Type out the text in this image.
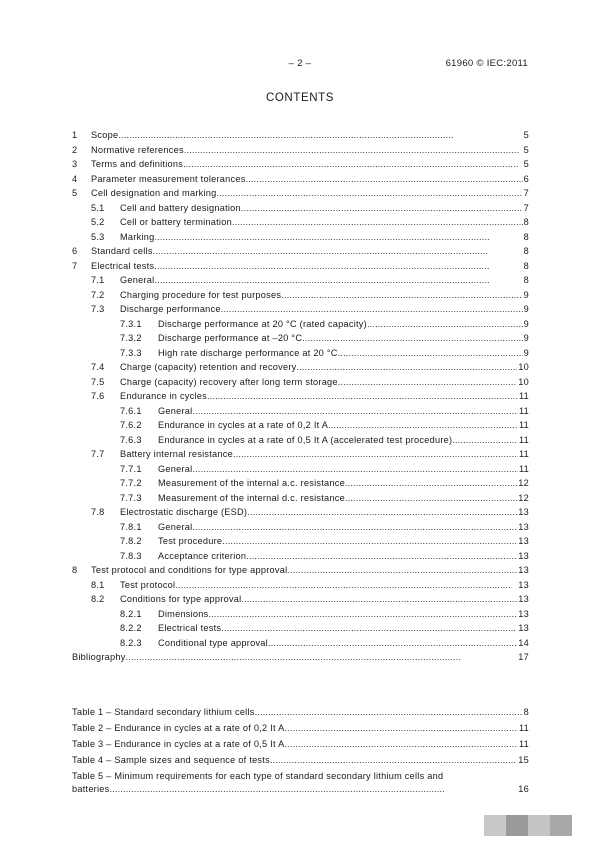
– 2 –	61960 © IEC:2011
CONTENTS
1	Scope . . .	5
2	Normative references . . .	5
3	Terms and definitions . . .	5
4	Parameter measurement tolerances . . .	6
5	Cell designation and marking . . .	7
5.1	Cell and battery designation . . .	7
5.2	Cell or battery termination . . .	8
5.3	Marking . . .	8
6	Standard cells . . .	8
7	Electrical tests . . .	8
7.1	General . . .	8
7.2	Charging procedure for test purposes . . .	9
7.3	Discharge performance . . .	9
7.3.1	Discharge performance at 20 °C (rated capacity) . . .	9
7.3.2	Discharge performance at –20 °C . . .	9
7.3.3	High rate discharge performance at 20 °C . . .	9
7.4	Charge (capacity) retention and recovery . . .	10
7.5	Charge (capacity) recovery after long term storage . . .	10
7.6	Endurance in cycles . . .	11
7.6.1	General . . .	11
7.6.2	Endurance in cycles at a rate of 0,2 It A . . .	11
7.6.3	Endurance in cycles at a rate of 0,5 It A (accelerated test procedure) . . .	11
7.7	Battery internal resistance . . .	11
7.7.1	General . . .	11
7.7.2	Measurement of the internal a.c. resistance . . .	12
7.7.3	Measurement of the internal d.c. resistance . . .	12
7.8	Electrostatic discharge (ESD) . . .	13
7.8.1	General . . .	13
7.8.2	Test procedure . . .	13
7.8.3	Acceptance criterion . . .	13
8	Test protocol and conditions for type approval . . .	13
8.1	Test protocol . . .	13
8.2	Conditions for type approval . . .	13
8.2.1	Dimensions . . .	13
8.2.2	Electrical tests . . .	13
8.2.3	Conditional type approval . . .	14
Bibliography . . .	17
Table 1 – Standard secondary lithium cells . . .	8
Table 2 – Endurance in cycles at a rate of 0,2 It A . . .	11
Table 3 – Endurance in cycles at a rate of 0,5 It A . . .	11
Table 4 – Sample sizes and sequence of tests . . .	15
Table 5 – Minimum requirements for each type of standard secondary lithium cells and
batteries . . .	16
